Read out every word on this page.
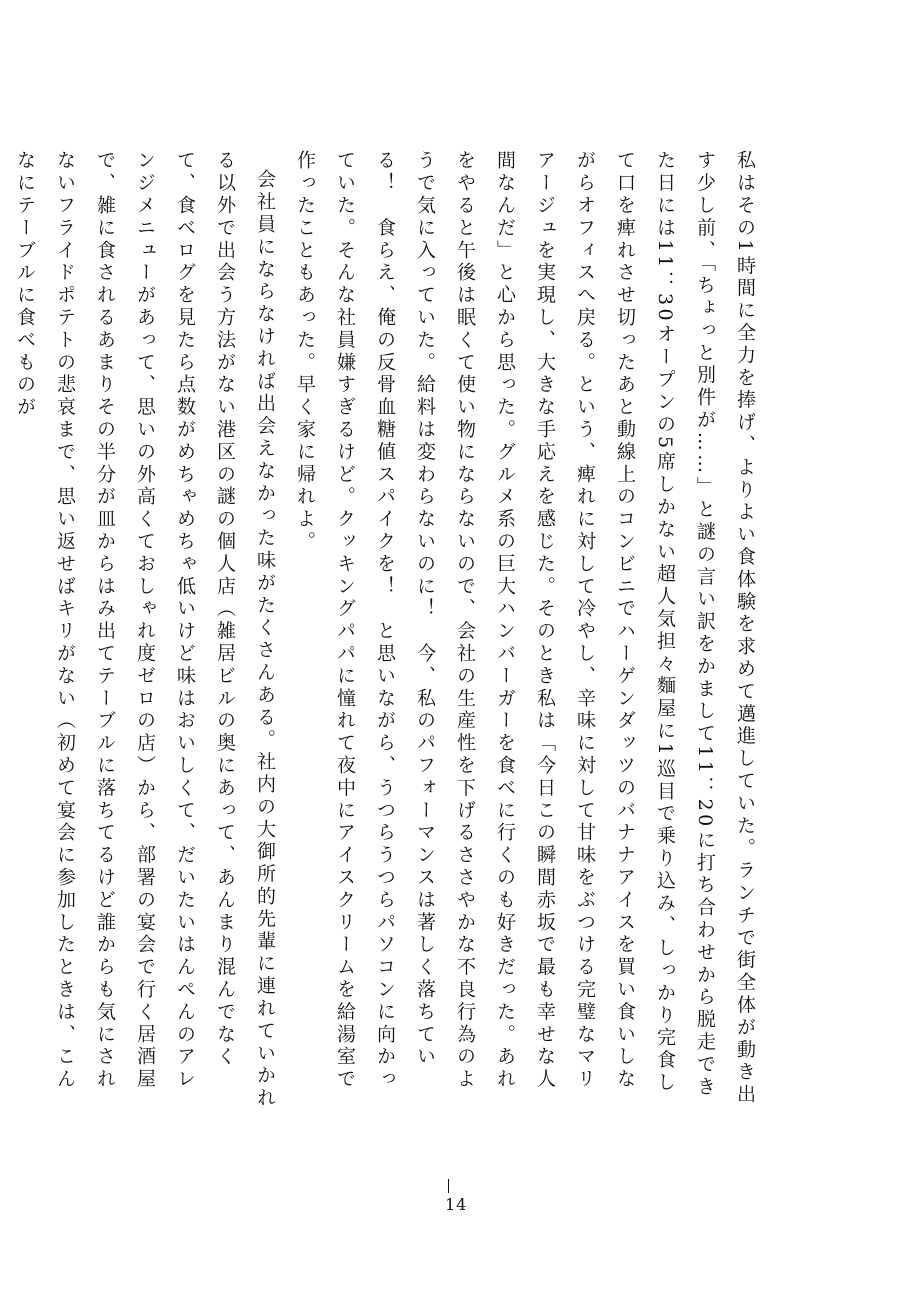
私はその1時間に全力を捧げ、よりよい食体験を求めて邁進していた。ランチで街全体が動き出す少し前、「ちょっと別件が……」と謎の言い訳をかまして11：20に打ち合わせから脱走できた日には11：30オープンの5席しかない超人気担々麵屋に1巡目で乗り込み、しっかり完食して口を痺れさせ切ったあと動線上のコンビニでハーゲンダッツのバナナアイスを買い食いしながらオフィスへ戻る。という、痺れに対して冷やし、辛味に対して甘味をぶつける完璧なマリアージュを実現し、大きな手応えを感じた。そのとき私は「今日この瞬間赤坂で最も幸せな人間なんだ」と心から思った。グルメ系の巨大ハンバーガーを食べに行くのも好きだった。あれをやると午後は眠くて使い物にならないので、会社の生産性を下げるささやかな不良行為のようで気に入っていた。給料は変わらないのに！　今、私のパフォーマンスは著しく落ちている！　食らえ、俺の反骨血糖値スパイクを！　と思いながら、うつらうつらパソコンに向かっていた。そんな社員嫌すぎるけど。クッキングパパに憧れて夜中にアイスクリームを給湯室で作ったこともあった。早く家に帰れよ。

会社員にならなければ出会えなかった味がたくさんある。社内の大御所的先輩に連れていかれる以外で出会う方法がない港区の謎の個人店（雑居ビルの奥にあって、あんまり混んでなくて、食べログを見たら点数がめちゃめちゃ低いけど味はおいしくて、だいたいはんぺんのアレンジメニューがあって、思いの外高くておしゃれ度ゼロの店）から、部署の宴会で行く居酒屋で、雑に食されるあまりその半分が皿からはみ出てテーブルに落ちてるけど誰からも気にされないフライドポテトの悲哀まで、思い返せばキリがない（初めて宴会に参加したときは、こんなにテーブルに食べものが

14
